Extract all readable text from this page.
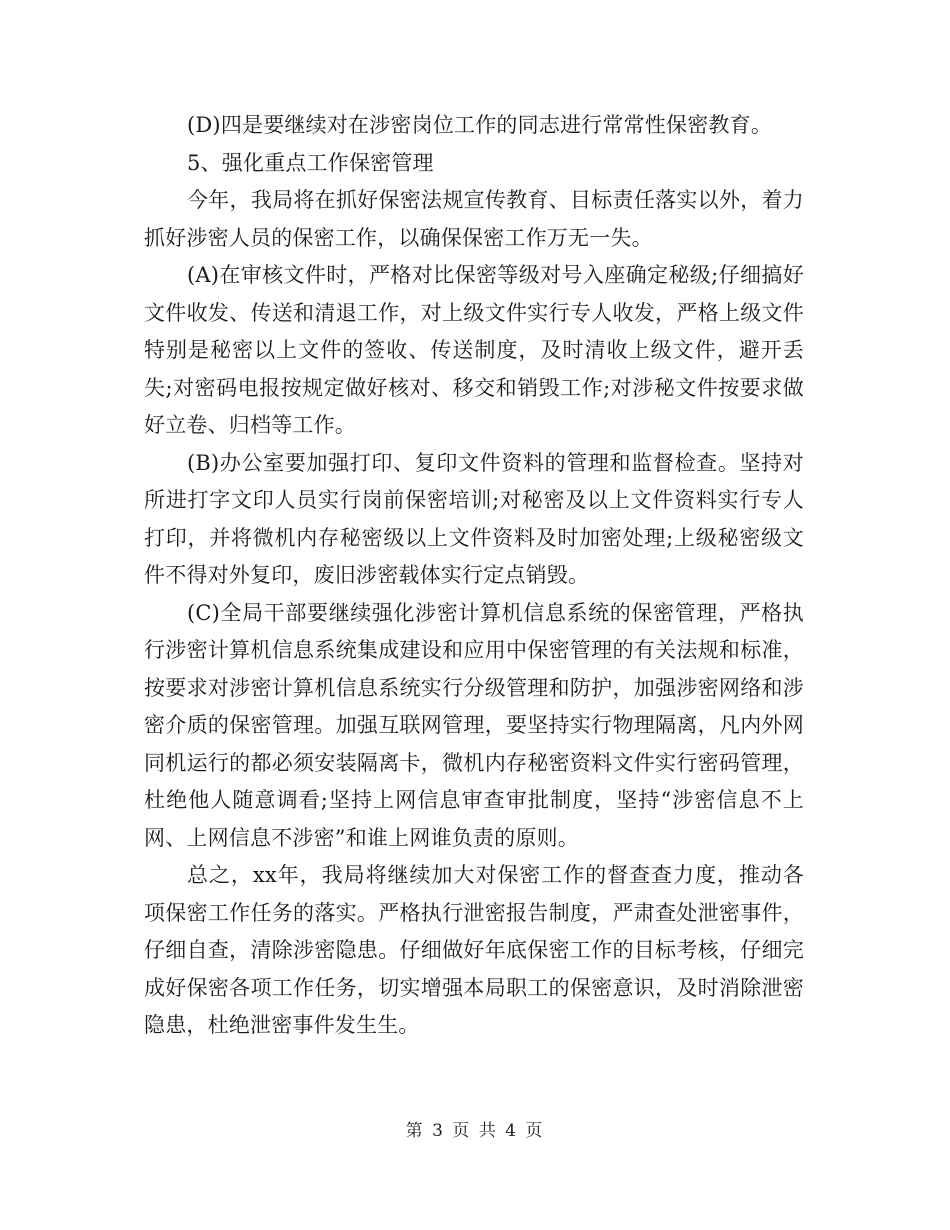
(D)四是要继续对在涉密岗位工作的同志进行常常性保密教育。

5、强化重点工作保密管理

今年，我局将在抓好保密法规宣传教育、目标责任落实以外，着力抓好涉密人员的保密工作，以确保保密工作万无一失。

(A)在审核文件时，严格对比保密等级对号入座确定秘级;仔细搞好文件收发、传送和清退工作，对上级文件实行专人收发，严格上级文件特别是秘密以上文件的签收、传送制度，及时清收上级文件，避开丢失;对密码电报按规定做好核对、移交和销毁工作;对涉秘文件按要求做好立卷、归档等工作。

(B)办公室要加强打印、复印文件资料的管理和监督检查。坚持对所进打字文印人员实行岗前保密培训;对秘密及以上文件资料实行专人打印，并将微机内存秘密级以上文件资料及时加密处理;上级秘密级文件不得对外复印，废旧涉密载体实行定点销毁。

(C)全局干部要继续强化涉密计算机信息系统的保密管理，严格执行涉密计算机信息系统集成建设和应用中保密管理的有关法规和标准，按要求对涉密计算机信息系统实行分级管理和防护，加强涉密网络和涉密介质的保密管理。加强互联网管理，要坚持实行物理隔离，凡内外网同机运行的都必须安装隔离卡，微机内存秘密资料文件实行密码管理，杜绝他人随意调看;坚持上网信息审查审批制度，坚持“涉密信息不上网、上网信息不涉密”和谁上网谁负责的原则。

总之，xx年，我局将继续加大对保密工作的督查查力度，推动各项保密工作任务的落实。严格执行泄密报告制度，严肃查处泄密事件，仔细自查，清除涉密隐患。仔细做好年底保密工作的目标考核，仔细完成好保密各项工作任务，切实增强本局职工的保密意识，及时消除泄密隐患，杜绝泄密事件发生生。

第 3 页 共 4 页
